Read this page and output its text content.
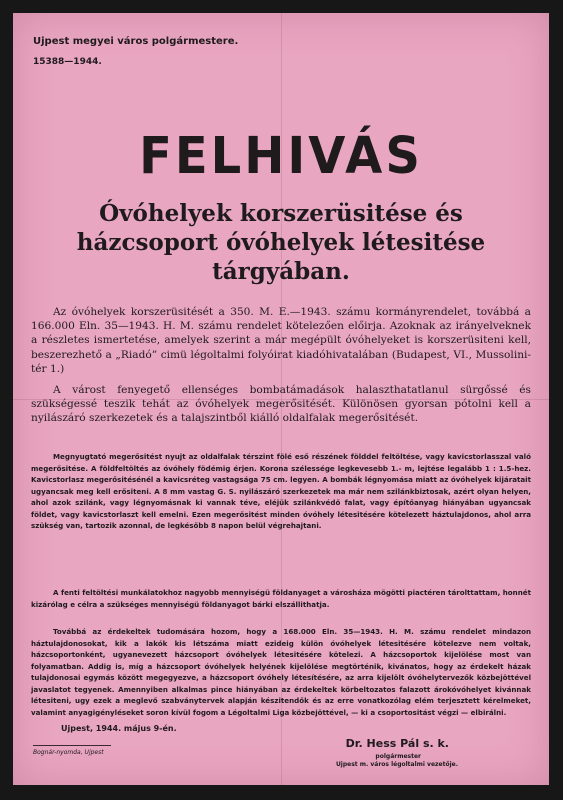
Ujpest megyei város polgármestere.
15388—1944.
FELHIVÁS
Óvóhelyek korszerüsitése és házcsoport óvóhelyek létesitése tárgyában.
Az óvóhelyek korszerüsitését a 350. M. E.—1943. számu kormányrendelet, továbbá a 166.000 Eln. 35—1943. H. M. számu rendelet kötelezően előirja. Azoknak az irányelveknek a részletes ismertetése, amelyek szerint a már megépült óvóhelyeket is korszerüsiteni kell, beszerezhető a „Riadó” cimü légoltalmi folyóirat kiadóhivatalában (Budapest, VI., Mussolini-tér 1.)
A várost fenyegető ellenséges bombatámadások halaszthatatlanul sürgőssé és szükségessé teszik tehát az óvóhelyek megerősitését. Különösen gyorsan pótolni kell a nyilászáró szerkezetek és a talajszintből kiálló oldalfalak megerősitését.
Megnyugtató megerősitést nyujt az oldalfalak térszint fölé eső részének földdel feltöltése, vagy kavicstorlasszal való megerősitése. A földfeltöltés az óvóhely födémig érjen. Korona szélessége legkevesebb 1.- m, lejtése legalább 1 : 1.5-hez. Kavicstorlasz megerősitésénél a kavicsréteg vastagsága 75 cm. legyen. A bombák légnyomása miatt az óvóhelyek kijáratait ugyancsak meg kell erősiteni. A 8 mm vastag G. S. nyilászáró szerkezetek ma már nem szilánkbiztosak, azért olyan helyen, ahol azok szilánk, vagy légnyomásnak ki vannak téve, eléjük szilánkvédő falat, vagy építőanyag hiányában ugyancsak földet, vagy kavicstorlaszt kell emelni. Ezen megerősitést minden óvóhely létesitésére kötelezett háztulajdonos, ahol arra szükség van, tartozik azonnal, de legkésőbb 8 napon belül végrehajtani.
A fenti feltöltési munkálatokhoz nagyobb mennyiségü földanyaget a városháza mögötti piactéren tárolttattam, honnét kizárólag e célra a szükséges mennyiségü földanyagot bárki elszállithatja.
Továbbá az érdekeltek tudomására hozom, hogy a 168.000 Eln. 35—1943. H. M. számu rendelet mindazon háztulajdonosokat, kik a lakók kis létszáma miatt ezideig külön óvóhelyek létesitésére kötelezve nem voltak, házcsoportonként, ugyanevezett házcsoport óvóhelyek létesitésére kötelezi. A házcsoportok kijelölése most van folyamatban. Addig is, míg a házcsoport óvóhelyek helyének kijelölése megtörténik, kivánatos, hogy az érdekelt házak tulajdonosai egymás között megegyezve, a házcsoport óvóhely létesítésére, az arra kijelölt óvóhelytervezők közbejöttével javaslatot tegyenek. Amennyiben alkalmas pince hiányában az érdekeltek körbeltozatos falazott árokóvóhelyet kivánnak létesiteni, ugy ezek a meglevő szabványtervek alapján készitendők és az erre vonatkozólag elém terjesztett kérelmeket, valamint anyagigényléseket soron kívül fogom a Légoltalmi Liga közbejöttével, — ki a csoportositást végzi — elbirálni.
Ujpest, 1944. május 9-én.
Dr. Hess Pál s. k.
polgármester
Ujpest m. város légoltalmi vezetője.
Bognár-nyomda, Ujpest
